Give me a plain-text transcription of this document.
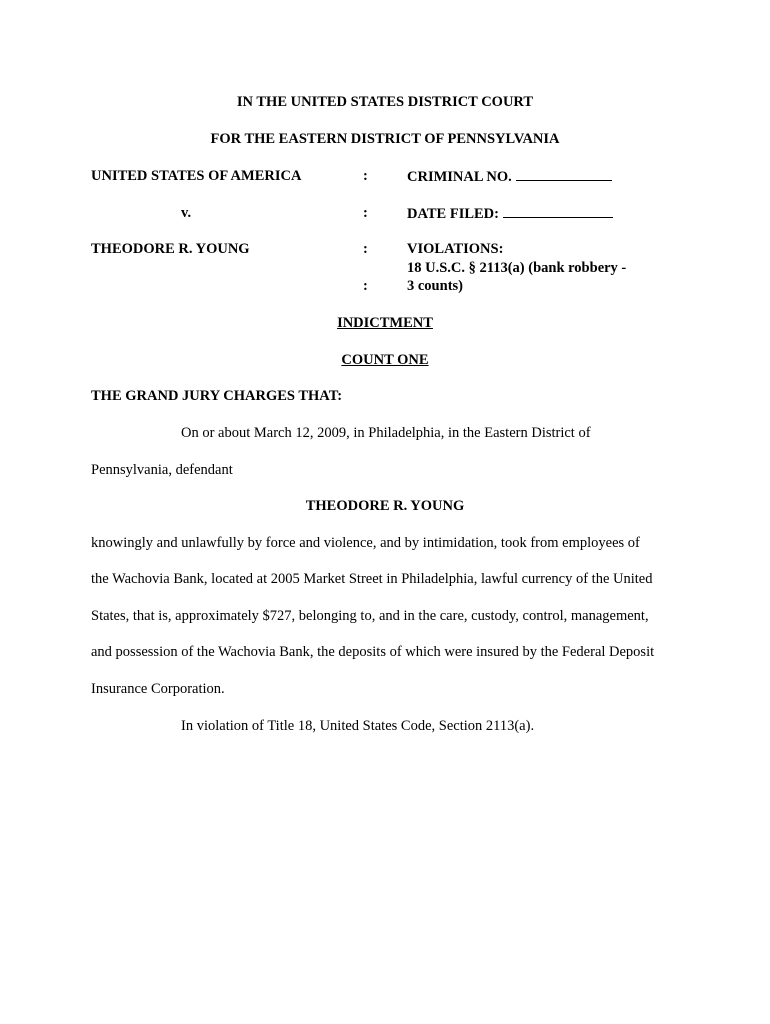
IN THE UNITED STATES DISTRICT COURT
FOR THE EASTERN DISTRICT OF PENNSYLVANIA
UNITED STATES OF AMERICA
v.
THEODORE R. YOUNG
:
:
:
:
CRIMINAL NO.
DATE FILED:
VIOLATIONS:
18 U.S.C. § 2113(a) (bank robbery -
3 counts)
INDICTMENT
COUNT ONE
THE GRAND JURY CHARGES THAT:
On or about March 12, 2009, in Philadelphia, in the Eastern District of
Pennsylvania, defendant
THEODORE R. YOUNG
knowingly and unlawfully by force and violence, and by intimidation, took from employees of
the Wachovia Bank, located at 2005 Market Street in Philadelphia, lawful currency of the United
States, that is, approximately $727, belonging to, and in the care, custody, control, management,
and possession of the Wachovia Bank, the deposits of which were insured by the Federal Deposit
Insurance Corporation.
In violation of Title 18, United States Code, Section 2113(a).
